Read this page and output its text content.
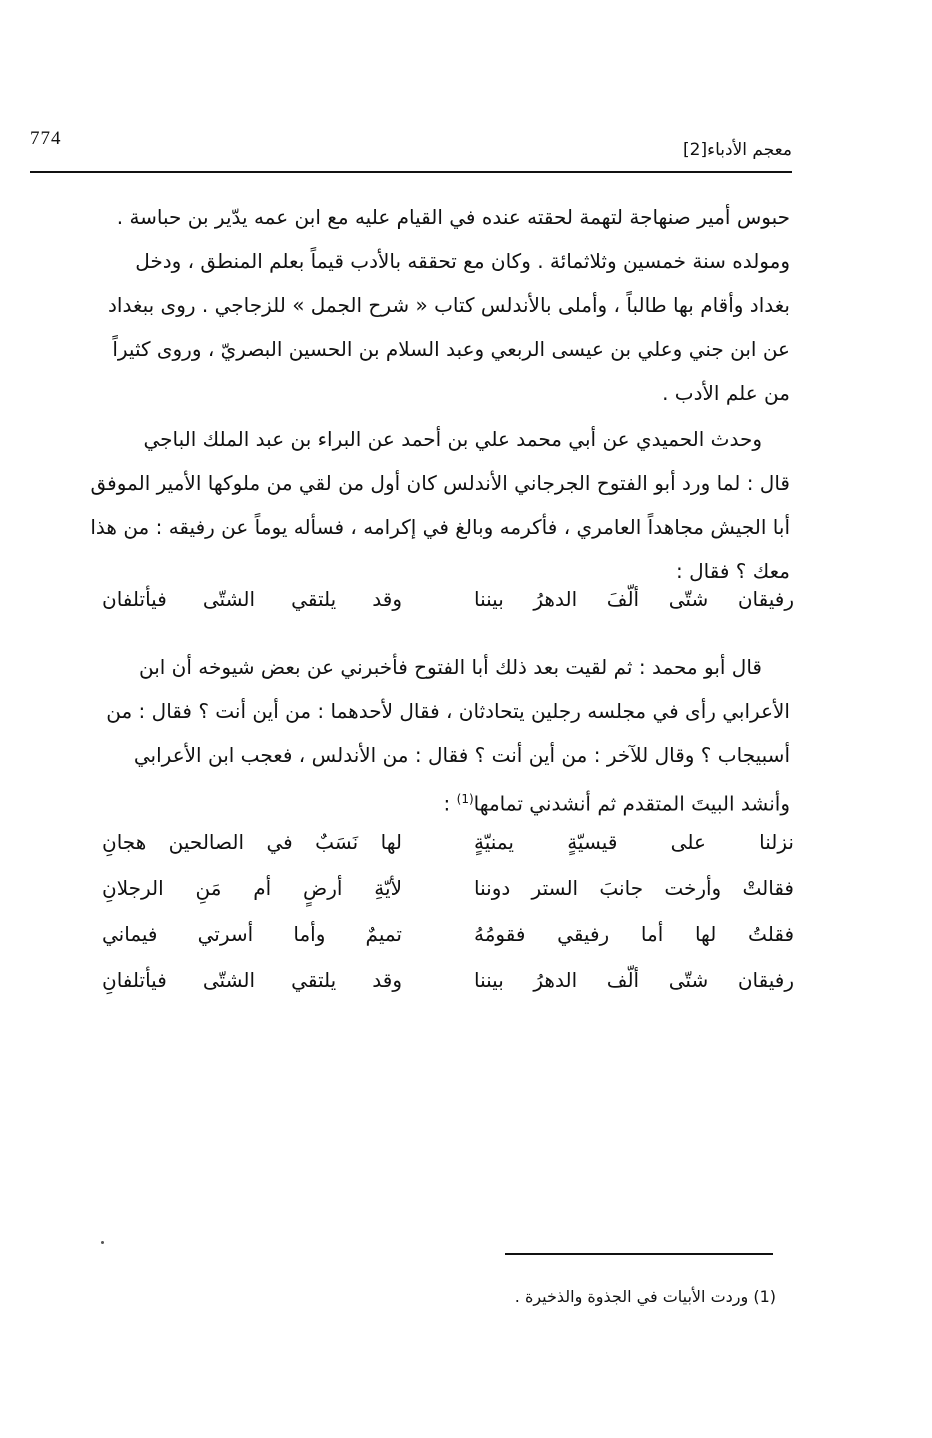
774
معجم الأدباء[2]

حبوس أمير صنهاجة لتهمة لحقته عنده في القيام عليه مع ابن عمه يدّير بن حباسة .

ومولده سنة خمسين وثلاثمائة . وكان مع تحققه بالأدب قيماً بعلم المنطق ، ودخل

بغداد وأقام بها طالباً ، وأملى بالأندلس كتاب « شرح الجمل » للزجاجي . روى ببغداد

عن ابن جني وعلي بن عيسى الربعي وعبد السلام بن الحسين البصريّ ، وروى كثيراً

من علم الأدب .

وحدث الحميدي عن أبي محمد علي بن أحمد عن البراء بن عبد الملك الباجي

قال : لما ورد أبو الفتوح الجرجاني الأندلس كان أول من لقي من ملوكها الأمير الموفق

أبا الجيش مجاهداً العامري ، فأكرمه وبالغ في إكرامه ، فسأله يوماً عن رفيقه : من هذا

معك ؟ فقال :

رفيقان شتّى ألّفَ الدهرُ بيننا
وقد يلتقي الشتّى فيأتلفان

قال أبو محمد : ثم لقيت بعد ذلك أبا الفتوح فأخبرني عن بعض شيوخه أن ابن

الأعرابي رأى في مجلسه رجلين يتحادثان ، فقال لأحدهما : من أين أنت ؟ فقال : من

أسبيجاب ؟ وقال للآخر : من أين أنت ؟ فقال : من الأندلس ، فعجب ابن الأعرابي

وأنشد البيتَ المتقدم ثم أنشدني تمامها$^{(1)}$ :

نزلنا على قيسيّةٍ يمنيّةٍ
لها نَسَبٌ في الصالحين هجانِ
فقالتْ وأرخت جانبَ الستر دوننا
لأيّةِ أرضٍ أم مَنِ الرجلانِ
فقلتُ لها أما رفيقي فقومُهُ
تميمٌ وأما أسرتي فيماني
رفيقان شتّى ألّف الدهرُ بيننا
وقد يلتقي الشتّى فيأتلفانِ
(1) وردت الأبيات في الجذوة والذخيرة .
